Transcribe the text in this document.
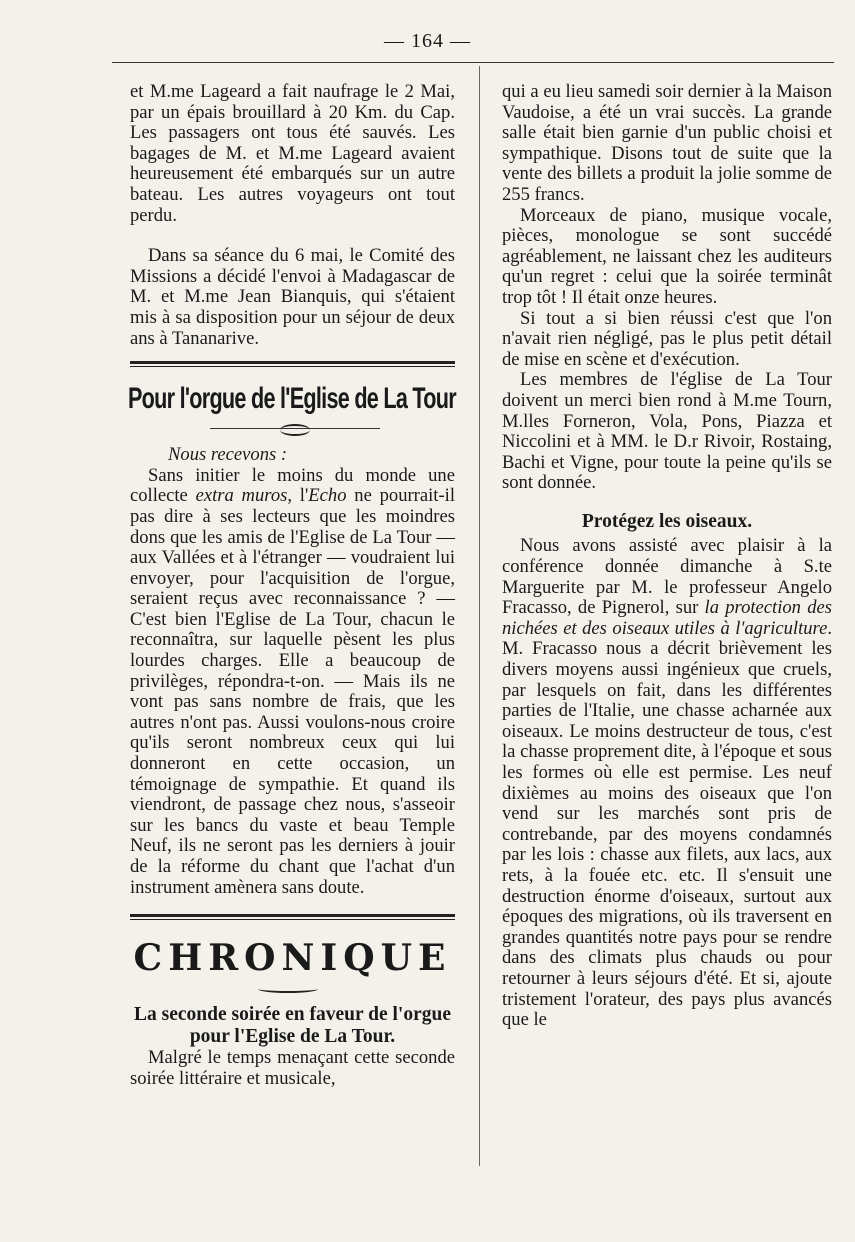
— 164 —

et M.me Lageard a fait naufrage le 2 Mai, par un épais brouillard à 20 Km. du Cap. Les passagers ont tous été sauvés. Les bagages de M. et M.me Lageard avaient heureusement été embarqués sur un autre bateau. Les autres voyageurs ont tout perdu.

Dans sa séance du 6 mai, le Comité des Missions a décidé l'envoi à Madagascar de M. et M.me Jean Bianquis, qui s'étaient mis à sa disposition pour un séjour de deux ans à Tananarive.

Pour l'orgue de l'Eglise de La Tour

Nous recevons :

Sans initier le moins du monde une collecte extra muros, l'Echo ne pourrait-il pas dire à ses lecteurs que les moindres dons que les amis de l'Eglise de La Tour — aux Vallées et à l'étranger — voudraient lui envoyer, pour l'acquisition de l'orgue, seraient reçus avec reconnaissance ? — C'est bien l'Eglise de La Tour, chacun le reconnaîtra, sur laquelle pèsent les plus lourdes charges. Elle a beaucoup de privilèges, répondra-t-on. — Mais ils ne vont pas sans nombre de frais, que les autres n'ont pas. Aussi voulons-nous croire qu'ils seront nombreux ceux qui lui donneront en cette occasion, un témoignage de sympathie. Et quand ils viendront, de passage chez nous, s'asseoir sur les bancs du vaste et beau Temple Neuf, ils ne seront pas les derniers à jouir de la réforme du chant que l'achat d'un instrument amènera sans doute.

CHRONIQUE

La seconde soirée en faveur de l'orgue pour l'Eglise de La Tour.

Malgré le temps menaçant cette seconde soirée littéraire et musicale,

qui a eu lieu samedi soir dernier à la Maison Vaudoise, a été un vrai succès. La grande salle était bien garnie d'un public choisi et sympathique. Disons tout de suite que la vente des billets a produit la jolie somme de 255 francs.

Morceaux de piano, musique vocale, pièces, monologue se sont succédé agréablement, ne laissant chez les auditeurs qu'un regret : celui que la soirée terminât trop tôt ! Il était onze heures.

Si tout a si bien réussi c'est que l'on n'avait rien négligé, pas le plus petit détail de mise en scène et d'exécution.

Les membres de l'église de La Tour doivent un merci bien rond à M.me Tourn, M.lles Forneron, Vola, Pons, Piazza et Niccolini et à MM. le D.r Rivoir, Rostaing, Bachi et Vigne, pour toute la peine qu'ils se sont donnée.

Protégez les oiseaux.

Nous avons assisté avec plaisir à la conférence donnée dimanche à S.te Marguerite par M. le professeur Angelo Fracasso, de Pignerol, sur la protection des nichées et des oiseaux utiles à l'agriculture. M. Fracasso nous a décrit brièvement les divers moyens aussi ingénieux que cruels, par lesquels on fait, dans les différentes parties de l'Italie, une chasse acharnée aux oiseaux. Le moins destructeur de tous, c'est la chasse proprement dite, à l'époque et sous les formes où elle est permise. Les neuf dixièmes au moins des oiseaux que l'on vend sur les marchés sont pris de contrebande, par des moyens condamnés par les lois : chasse aux filets, aux lacs, aux rets, à la fouée etc. etc. Il s'ensuit une destruction énorme d'oiseaux, surtout aux époques des migrations, où ils traversent en grandes quantités notre pays pour se rendre dans des climats plus chauds ou pour retourner à leurs séjours d'été. Et si, ajoute tristement l'orateur, des pays plus avancés que le
